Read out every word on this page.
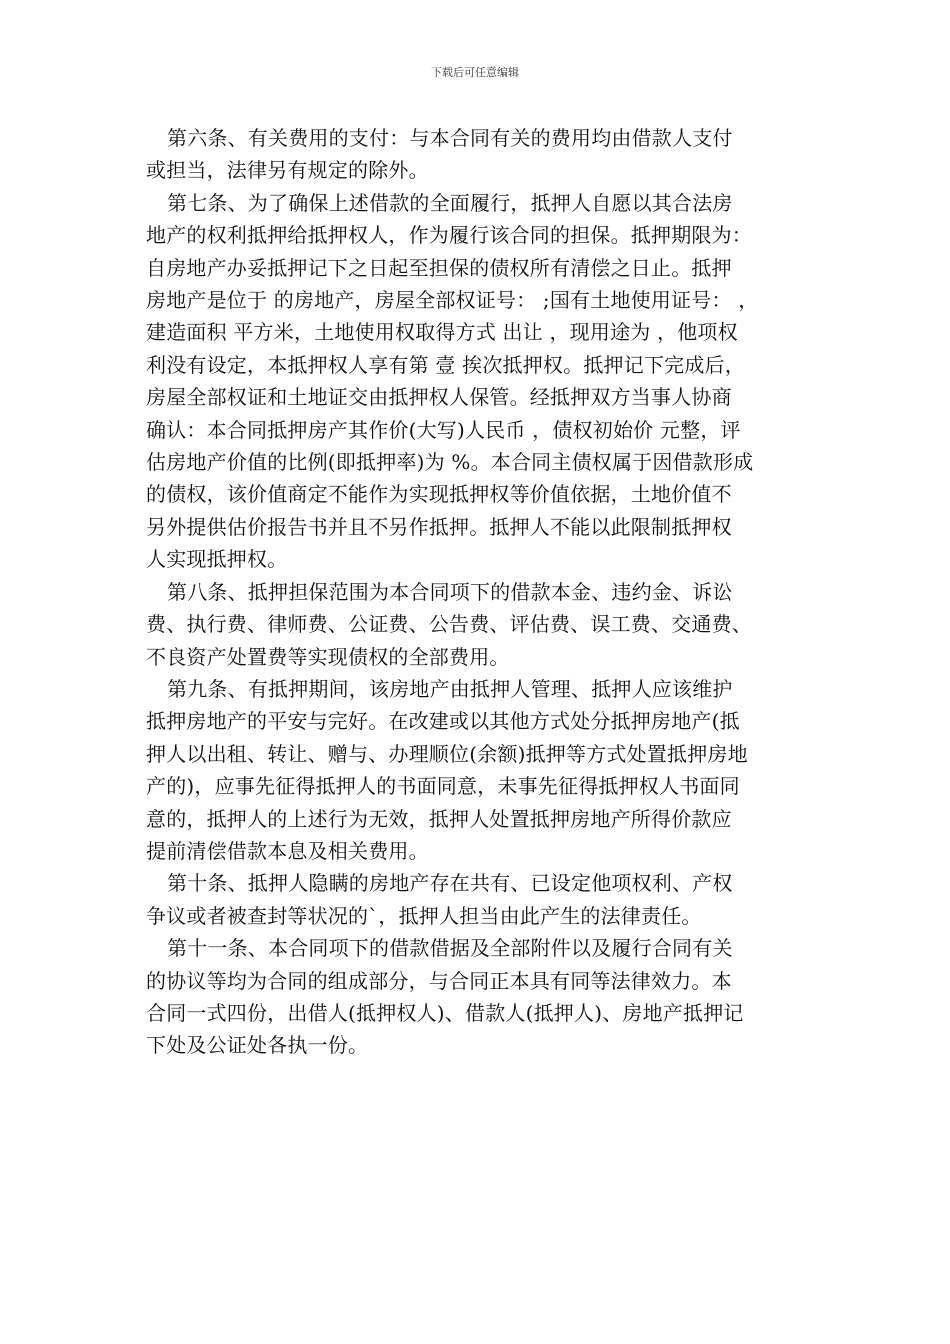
下载后可任意编辑

第六条、有关费用的支付：与本合同有关的费用均由借款人支付
或担当，法律另有规定的除外。

第七条、为了确保上述借款的全面履行，抵押人自愿以其合法房
地产的权利抵押给抵押权人，作为履行该合同的担保。抵押期限为：
自房地产办妥抵押记下之日起至担保的债权所有清偿之日止。抵押
房地产是位于 的房地产，房屋全部权证号： ;国有土地使用证号： ，
建造面积 平方米，土地使用权取得方式 出让 ，现用途为 ，他项权
利没有设定，本抵押权人享有第 壹 挨次抵押权。抵押记下完成后，
房屋全部权证和土地证交由抵押权人保管。经抵押双方当事人协商
确认：本合同抵押房产其作价(大写)人民币 ，债权初始价 元整，评
估房地产价值的比例(即抵押率)为 %。本合同主债权属于因借款形成
的债权，该价值商定不能作为实现抵押权等价值依据，土地价值不
另外提供估价报告书并且不另作抵押。抵押人不能以此限制抵押权
人实现抵押权。

第八条、抵押担保范围为本合同项下的借款本金、违约金、诉讼
费、执行费、律师费、公证费、公告费、评估费、误工费、交通费、
不良资产处置费等实现债权的全部费用。

第九条、有抵押期间，该房地产由抵押人管理、抵押人应该维护
抵押房地产的平安与完好。在改建或以其他方式处分抵押房地产(抵
押人以出租、转让、赠与、办理顺位(余额)抵押等方式处置抵押房地
产的)，应事先征得抵押人的书面同意，未事先征得抵押权人书面同
意的，抵押人的上述行为无效，抵押人处置抵押房地产所得价款应
提前清偿借款本息及相关费用。

第十条、抵押人隐瞒的房地产存在共有、已设定他项权利、产权
争议或者被查封等状况的`，抵押人担当由此产生的法律责任。

第十一条、本合同项下的借款借据及全部附件以及履行合同有关
的协议等均为合同的组成部分，与合同正本具有同等法律效力。本
合同一式四份，出借人(抵押权人)、借款人(抵押人)、房地产抵押记
下处及公证处各执一份。
